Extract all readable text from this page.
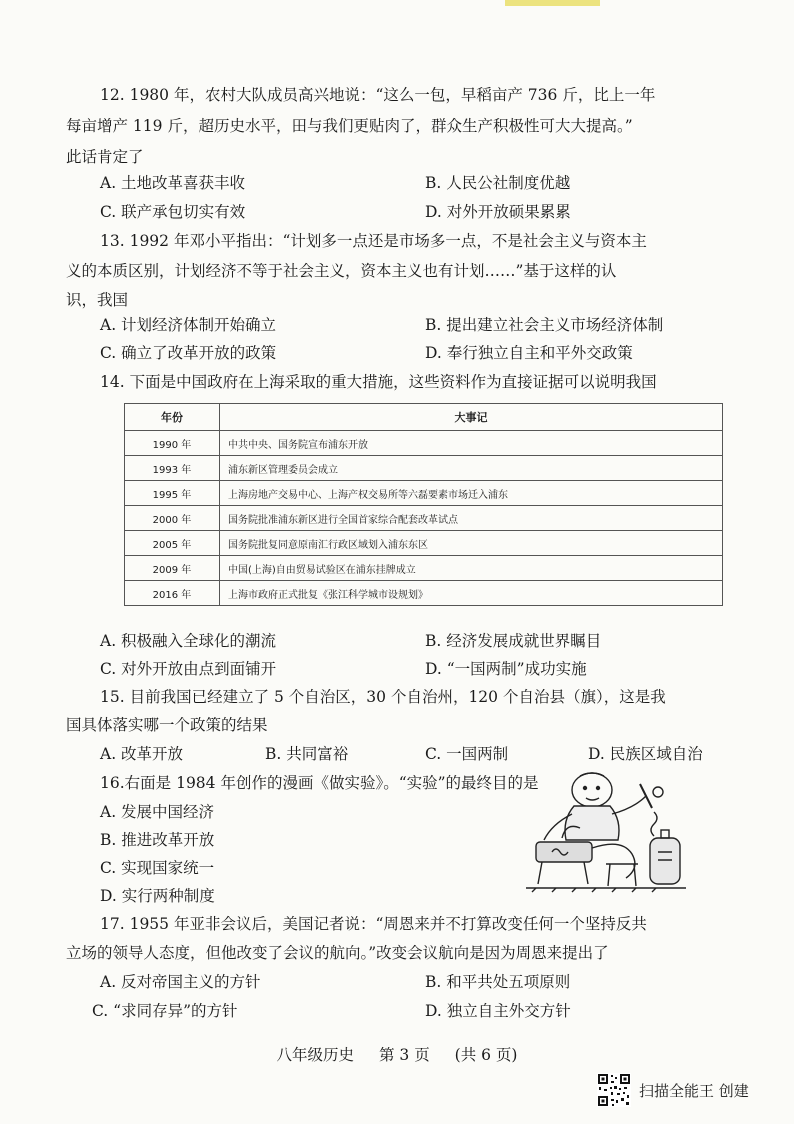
12. 1980 年，农村大队成员高兴地说：“这么一包，早稻亩产 736 斤，比上一年
每亩增产 119 斤，超历史水平，田与我们更贴肉了，群众生产积极性可大大提高。”
此话肯定了
A. 土地改革喜获丰收	B. 人民公社制度优越
C. 联产承包切实有效	D. 对外开放硕果累累
13. 1992 年邓小平指出：“计划多一点还是市场多一点，不是社会主义与资本主
义的本质区别，计划经济不等于社会主义，资本主义也有计划……”基于这样的认
识，我国
A. 计划经济体制开始确立	B. 提出建立社会主义市场经济体制
C. 确立了改革开放的政策	D. 奉行独立自主和平外交政策
14. 下面是中国政府在上海采取的重大措施，这些资料作为直接证据可以说明我国
年份	大事记
1990 年	中共中央、国务院宣布浦东开放
1993 年	浦东新区管理委员会成立
1995 年	上海房地产交易中心、上海产权交易所等六磊要素市场迁入浦东
2000 年	国务院批准浦东新区进行全国首家综合配套改革试点
2005 年	国务院批复同意原南汇行政区域划入浦东东区
2009 年	中国(上海)自由贸易试验区在浦东挂牌成立
2016 年	上海市政府正式批复《张江科学城市设规划》
A. 积极融入全球化的潮流	B. 经济发展成就世界瞩目
C. 对外开放由点到面铺开	D. “一国两制”成功实施
15. 目前我国已经建立了 5 个自治区，30 个自治州，120 个自治县（旗），这是我
国具体落实哪一个政策的结果
A. 改革开放	B. 共同富裕	C. 一国两制	D. 民族区域自治
16.右面是 1984 年创作的漫画《做实验》。“实验”的最终目的是
A. 发展中国经济
B. 推进改革开放
C. 实现国家统一
D. 实行两种制度
17. 1955 年亚非会议后，美国记者说：“周恩来并不打算改变任何一个坚持反共
立场的领导人态度，但他改变了会议的航向。”改变会议航向是因为周恩来提出了
A. 反对帝国主义的方针	B. 和平共处五项原则
C. “求同存异”的方针	D. 独立自主外交方针
八年级历史 第 3 页 (共 6 页)
扫描全能王 创建
